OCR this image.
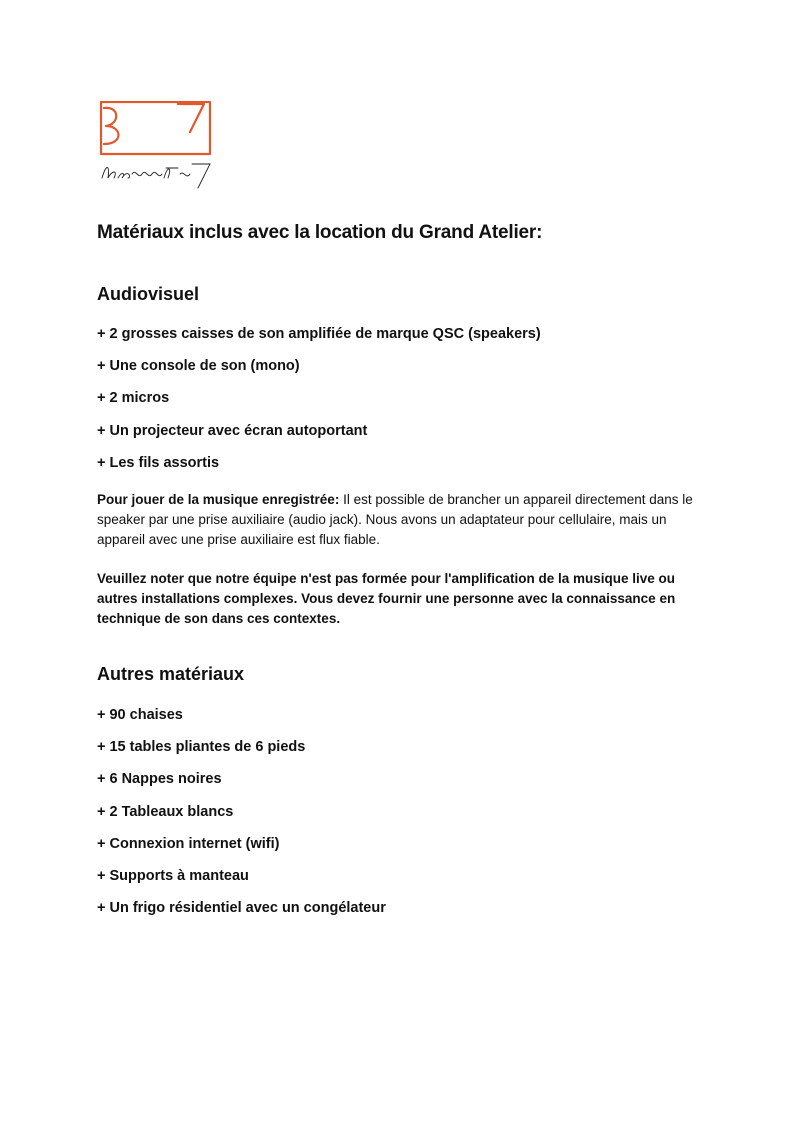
Matériaux inclus avec la location du Grand Atelier:
Audiovisuel
+ 2 grosses caisses de son amplifiée de marque QSC (speakers)
+ Une console de son (mono)
+ 2 micros
+ Un projecteur avec écran autoportant
+ Les fils assortis

Pour jouer de la musique enregistrée: Il est possible de brancher un appareil directement dans le speaker par une prise auxiliaire (audio jack). Nous avons un adaptateur pour cellulaire, mais un appareil avec une prise auxiliaire est flux fiable.

Veuillez noter que notre équipe n'est pas formée pour l'amplification de la musique live ou autres installations complexes. Vous devez fournir une personne avec la connaissance en technique de son dans ces contextes.

Autres matériaux
+ 90 chaises
+ 15 tables pliantes de 6 pieds
+ 6 Nappes noires
+ 2 Tableaux blancs
+ Connexion internet (wifi)
+ Supports à manteau
+ Un frigo résidentiel avec un congélateur
